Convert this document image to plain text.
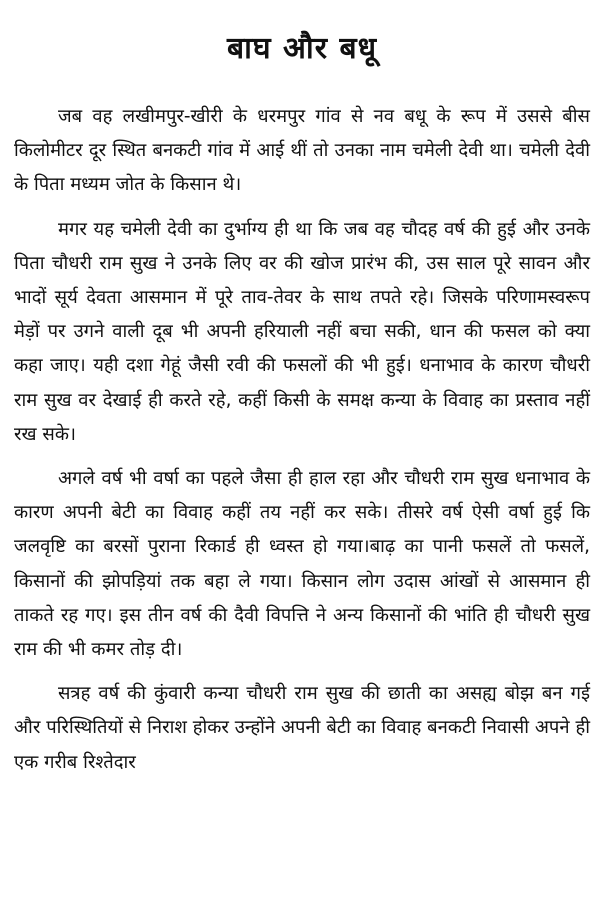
बाघ और बधू

जब वह लखीमपुर-खीरी के धरमपुर गांव से नव बधू के रूप में उससे बीस किलोमीटर दूर स्थित बनकटी गांव में आई थीं तो उनका नाम चमेली देवी था। चमेली देवी के पिता मध्यम जोत के किसान थे।

मगर यह चमेली देवी का दुर्भाग्य ही था कि जब वह चौदह वर्ष की हुई और उनके पिता चौधरी राम सुख ने उनके लिए वर की खोज प्रारंभ की, उस साल पूरे सावन और भादों सूर्य देवता आसमान में पूरे ताव-तेवर के साथ तपते रहे। जिसके परिणामस्वरूप मेड़ों पर उगने वाली दूब भी अपनी हरियाली नहीं बचा सकी, धान की फसल को क्या कहा जाए। यही दशा गेहूं जैसी रवी की फसलों की भी हुई। धनाभाव के कारण चौधरी राम सुख वर देखाई ही करते रहे, कहीं किसी के समक्ष कन्या के विवाह का प्रस्ताव नहीं रख सके।

अगले वर्ष भी वर्षा का पहले जैसा ही हाल रहा और चौधरी राम सुख धनाभाव के कारण अपनी बेटी का विवाह कहीं तय नहीं कर सके। तीसरे वर्ष ऐसी वर्षा हुई कि जलवृष्टि का बरसों पुराना रिकार्ड ही ध्वस्त हो गया।बाढ़ का पानी फसलें तो फसलें, किसानों की झोपड़ियां तक बहा ले गया। किसान लोग उदास आंखों से आसमान ही ताकते रह गए। इस तीन वर्ष की दैवी विपत्ति ने अन्य किसानों की भांति ही चौधरी सुख राम की भी कमर तोड़ दी।

सत्रह वर्ष की कुंवारी कन्या चौधरी राम सुख की छाती का असह्य बोझ बन गई और परिस्थितियों से निराश होकर उन्होंने अपनी बेटी का विवाह बनकटी निवासी अपने ही एक गरीब रिश्तेदार
